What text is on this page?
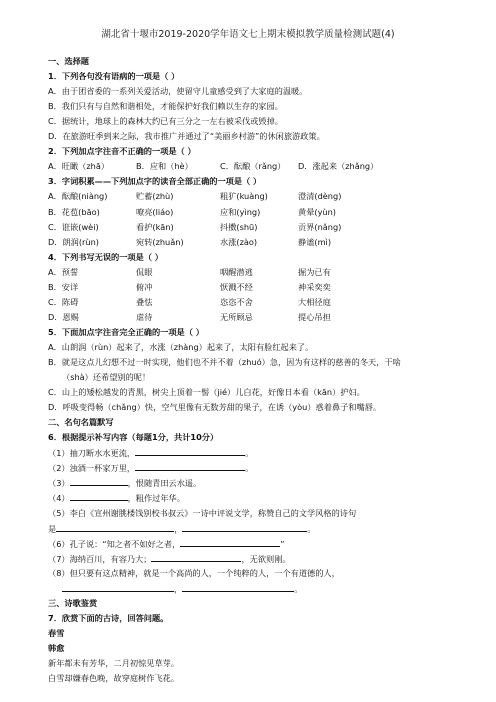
湖北省十堰市2019-2020学年语文七上期末模拟教学质量检测试题(4)
一、选择题
1．下列各句没有语病的一项是（ ）
A．由于团省委的一系列关爱活动，使留守儿童感受到了大家庭的温暖。
B．我们只有与自然和谐相处，才能保护好我们赖以生存的家园。
C．据统计，地球上的森林大约已有三分之一左右被采伐或毁掉。
D．在旅游旺季到来之际，我市推广并通过了“美丽乡村游”的休闲旅游政策。
2．下列加点字注音不正确的一项是（ ）
A．旺瞰（zhā）	B．应和（hè）	C．酝酿（rǎng） D．涨起来（zhǎng）
3．字词积累——下列加点字的读音全部正确的一项是（ ）
A．酝酿(niàng)	贮蓄(zhù)	粗犷(kuàng)	澄清(dèng)
B．花苞(bāo)	嘹亮(liáo)	应和(yìng)	黄晕(yùn)
C．诳嵌(wèi)	看护(kān)	抖擞(shū)	贡界(nǎng)
D．朗润(rùn)	宛转(zhuǎn)	水涨(zào)	静谧(mì)
4．下列书写无误的一项是（ ）
A．预誓	侃眼	咽醒潜逃	掘为已有
B．安详	俯冲	恹溅不经	神采奕奕
C．陈碍	叠怯	恣恣不舍	大相径庭
D．恩赐	虐待	无所顾忌	提心吊担
5．下面加点字注音完全正确的一项是（ ）
A．山朗润（rùn）起来了，水涨（zhàng）起来了，太阳有脸红起来了。
B．就是这点儿幻想不过一时实现，他们也不并不着（zhuó）急，因为有这样的慈善的冬天，干啥
（shà）还希望别的呢！
C．山上的矮松越发的青黑，树尖上顶着一髻（jié）儿白花，好像日本看（kān）护妇。
D．呼吸变得畅（chǎng）快，空气里像有无数芳甜的果子，在诱（yòu）惑着鼻子和嘴唇。
二、名句名篇默写
6．根据提示补写内容（每题1分，共计10分）
（1）抽刀断水水更流，	。
（2）浊酒一杯家万里，	。
（3）	，恨随青田云水遥。
（4）	，粗作过年华。
（5）李白《宣州谢朓楼饯别校书叔云》一诗中评说文学，称赞自己的文学风格的诗句
是	，	。
（6）孔子说：“知之者不如好之者，	”
（7）海纳百川，有容乃大；	，无欲则刚。
（8）但只要有这点精神，就是一个高尚的人，一个纯粹的人，一个有道德的人，
，	。
三、诗歌鉴赏
7．欣赏下面的古诗，回答问题。
春雪
韩愈
新年都未有芳华，二月初惊见草芽。
白雪却嫌春色晚，故穿庭树作飞花。
